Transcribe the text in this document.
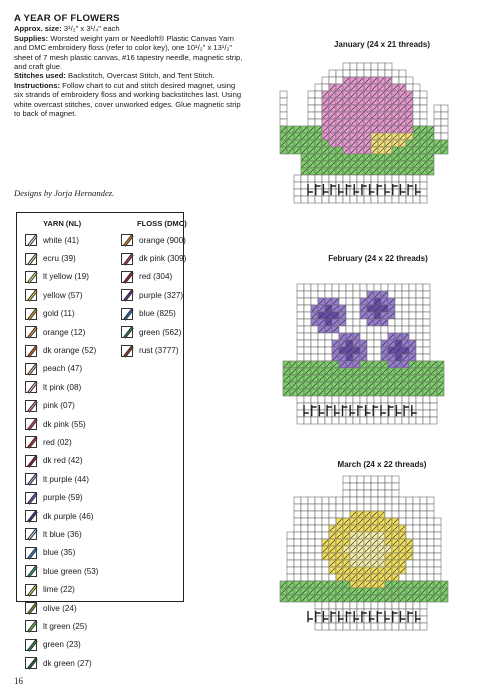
A YEAR OF FLOWERS

Approx. size: 3¹/₂" x 3¹/₄" each

Supplies: Worsted weight yarn or Needloft® Plastic Canvas Yarn and DMC embroidery floss (refer to color key), one 10¹/₂" x 13¹/₂" sheet of 7 mesh plastic canvas, #16 tapestry needle, magnetic strip, and craft glue.

Stitches used: Backstitch, Overcast Stitch, and Tent Stitch.

Instructions: Follow chart to cut and stitch desired magnet, using six strands of embroidery floss and working backstitches last. Using white overcast stitches, cover unworked edges. Glue magnetic strip to back of magnet.

Designs by Jorja Hernandez.
YARN (NL)
white (41)
ecru (39)
lt yellow (19)
yellow (57)
gold (11)
orange (12)
dk orange (52)
peach (47)
lt pink (08)
pink (07)
dk pink (55)
red (02)
dk red (42)
lt purple (44)
purple (59)
dk purple (46)
lt blue (36)
blue (35)
blue green (53)
lime (22)
olive (24)
lt green (25)
green (23)
dk green (27)
FLOSS (DMC)
orange (900)
dk pink (309)
red (304)
purple (327)
blue (825)
green (562)
rust (3777)
January (24 x 21 threads)
February (24 x 22 threads)
March (24 x 22 threads)
16
